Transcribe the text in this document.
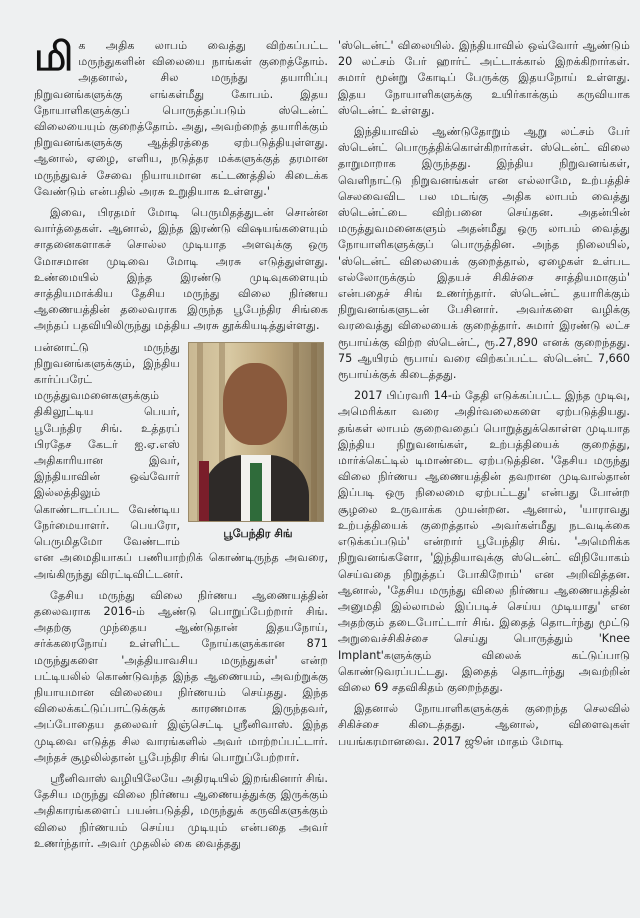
மிக அதிக லாபம் வைத்து விற்கப்பட்ட மருந்துகளின் விலையை நாங்கள் குறைத்தோம். அதனால், சில மருந்து தயாரிப்பு நிறுவனங்களுக்கு எங்கள்மீது கோபம். இதய நோயாளிகளுக்குப் பொருத்தப்படும் ஸ்டென்ட் விலையையும் குறைத்தோம். அது, அவற்றைத் தயாரிக்கும் நிறுவனங்களுக்கு ஆத்திரத்தை ஏற்படுத்தியுள்ளது. ஆனால், ஏழை, எளிய, நடுத்தர மக்களுக்குத் தரமான மருந்துவச் சேவை நியாயமான கட்டணத்தில் கிடைக்க வேண்டும் என்பதில் அரசு உறுதியாக உள்ளது.'

இவை, பிரதமர் மோடி பெருமிதத்துடன் சொன்ன வார்த்தைகள். ஆனால், இந்த இரண்டு விஷயங்களையும் சாதனைகளாகச் சொல்ல முடியாத அளவுக்கு ஒரு மோசமான முடிவை மோடி அரசு எடுத்துள்ளது. உண்மையில் இந்த இரண்டு முடிவுகளையும் சாத்தியமாக்கிய தேசிய மருந்து விலை நிர்ணய ஆணையத்தின் தலைவராக இருந்த பூபேந்திர சிங்கை அந்தப் பதவியிலிருந்து மத்திய அரசு தூக்கியடித்துள்ளது.

பூபேந்திர சிங்
பன்னாட்டு மருந்து நிறுவனங்களுக்கும், இந்திய கார்ப்பரேட் மருத்துவமனைகளுக்கும் திகிலூட்டிய பெயர், பூபேந்திர சிங். உத்தரப் பிரதேச கேடர் ஐ.ஏ.எஸ் அதிகாரியான இவர், இந்தியாவின் ஒவ்வோர் இல்லத்திலும் கொண்டாடப்பட வேண்டிய நேர்மையாளர். பெயரோ, பெருமிதமோ வேண்டாம் என அமைதியாகப் பணியாற்றிக் கொண்டிருந்த அவரை, அங்கிருந்து விரட்டிவிட்டனர்.

தேசிய மருந்து விலை நிர்ணய ஆணையத்தின் தலைவராக 2016-ம் ஆண்டு பொறுப்பேற்றார் சிங். அதற்கு முந்தைய ஆண்டுதான் இதயநோய், சர்க்கரைநோய் உள்ளிட்ட நோய்களுக்கான 871 மருந்துகளை 'அத்தியாவசிய மருந்துகள்' என்ற பட்டியலில் கொண்டுவந்த இந்த ஆணையம், அவற்றுக்கு நியாயமான விலையை நிர்ணயம் செய்தது. இந்த விலைக்கட்டுப்பாட்டுக்குக் காரணமாக இருந்தவர், அப்போதைய தலைவர் இஞ்செட்டி ஸ்ரீனிவாஸ். இந்த முடிவை எடுத்த சில வாரங்களில் அவர் மாற்றப்பட்டார். அந்தச் சூழலில்தான் பூபேந்திர சிங் பொறுப்பேற்றார்.

ஸ்ரீனிவாஸ் வழியிலேயே அதிரடியில் இறங்கினார் சிங். தேசிய மருந்து விலை நிர்ணய ஆணையத்துக்கு இருக்கும் அதிகாரங்களைப் பயன்படுத்தி, மருந்துக் கருவிகளுக்கும் விலை நிர்ணயம் செய்ய முடியும் என்பதை அவர் உணர்ந்தார். அவர் முதலில் கை வைத்தது

'ஸ்டென்ட்' விலையில். இந்தியாவில் ஒவ்வோர் ஆண்டும் 20 லட்சம் பேர் ஹார்ட் அட்டாக்கால் இறக்கிறார்கள். சுமார் மூன்று கோடிப் பேருக்கு இதயநோய் உள்ளது. இதய நோயாளிகளுக்கு உயிர்காக்கும் கருவியாக ஸ்டென்ட் உள்ளது.

இந்தியாவில் ஆண்டுதோறும் ஆறு லட்சம் பேர் ஸ்டென்ட் பொருத்திக்கொள்கிறார்கள். ஸ்டென்ட் விலை தாறுமாறாக இருந்தது. இந்திய நிறுவனங்கள், வெளிநாட்டு நிறுவனங்கள் என எல்லாமே, உற்பத்திச் செலவைவிட பல மடங்கு அதிக லாபம் வைத்து ஸ்டென்ட்டை விற்பனை செய்தன. அதன்பின் மருத்துவமனைகளும் அதன்மீது ஒரு லாபம் வைத்து நோயாளிகளுக்குப் பொருத்தின. அந்த நிலையில், 'ஸ்டென்ட் விலையைக் குறைத்தால், ஏழைகள் உள்பட எல்லோருக்கும் இதயச் சிகிச்சை சாத்தியமாகும்' என்பதைச் சிங் உணர்ந்தார். ஸ்டென்ட் தயாரிக்கும் நிறுவனங்களுடன் பேசினார். அவர்களை வழிக்கு வரவைத்து விலையைக் குறைத்தார். சுமார் இரண்டு லட்ச ரூபாய்க்கு விற்ற ஸ்டென்ட், ரூ.27,890 எனக் குறைந்தது. 75 ஆயிரம் ரூபாய் வரை விற்கப்பட்ட ஸ்டென்ட் 7,660 ரூபாய்க்குக் கிடைத்தது.

2017 பிப்ரவரி 14-ம் தேதி எடுக்கப்பட்ட இந்த முடிவு, அமெரிக்கா வரை அதிர்வலைகளை ஏற்படுத்தியது. தங்கள் லாபம் குறைவதைப் பொறுத்துக்கொள்ள முடியாத இந்திய நிறுவனங்கள், உற்பத்தியைக் குறைத்து, மார்க்கெட்டில் டிமாண்டை ஏற்படுத்தின. 'தேசிய மருந்து விலை நிர்ணய ஆணையத்தின் தவறான முடிவால்தான் இப்படி ஒரு நிலைமை ஏற்பட்டது' என்பது போன்ற சூழலை உருவாக்க முயன்றன. ஆனால், 'யாராவது உற்பத்தியைக் குறைத்தால் அவர்கள்மீது நடவடிக்கை எடுக்கப்படும்' என்றார் பூபேந்திர சிங். 'அமெரிக்க நிறுவனங்களோ, 'இந்தியாவுக்கு ஸ்டென்ட் விநியோகம் செய்வதை நிறுத்தப் போகிறோம்' என அறிவித்தன. ஆனால், 'தேசிய மருந்து விலை நிர்ணய ஆணையத்தின் அனுமதி இல்லாமல் இப்படிச் செய்ய முடியாது' என அதற்கும் தடைபோட்டார் சிங். இதைத் தொடர்ந்து மூட்டு அறுவைச்சிகிச்சை செய்து பொருத்தும் 'Knee Implant'களுக்கும் விலைக் கட்டுப்பாடு கொண்டுவரப்பட்டது. இதைத் தொடர்ந்து அவற்றின் விலை 69 சதவிகிதம் குறைந்தது.

இதனால் நோயாளிகளுக்குக் குறைந்த செலவில் சிகிச்சை கிடைத்தது. ஆனால், விளைவுகள் பயங்கரமானவை. 2017 ஜூன் மாதம் மோடி
